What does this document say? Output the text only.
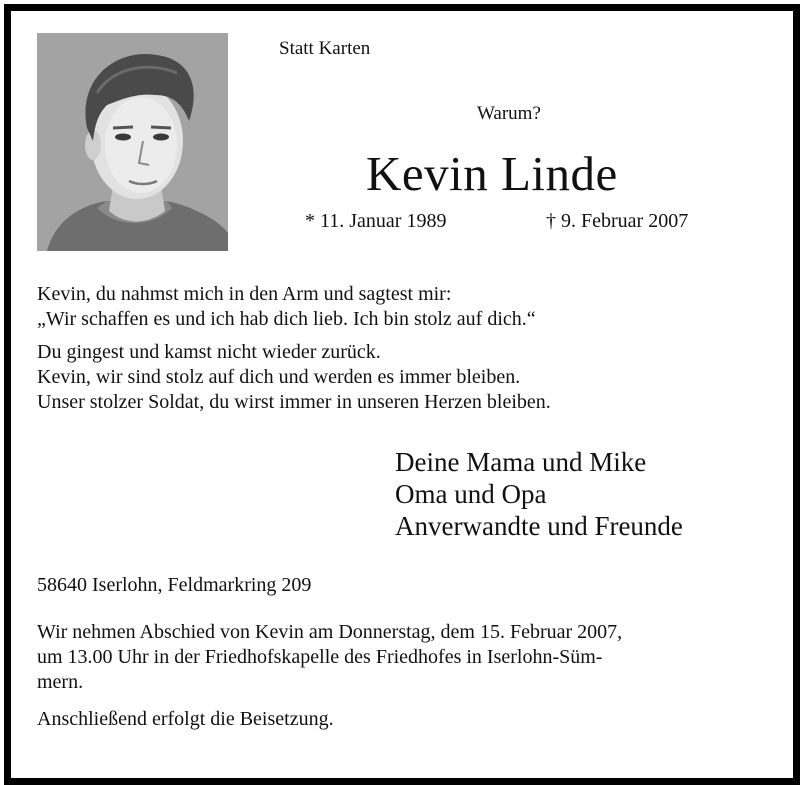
Statt Karten
Warum?
Kevin Linde
* 11. Januar 1989	† 9. Februar 2007
Kevin, du nahmst mich in den Arm und sagtest mir:
„Wir schaffen es und ich hab dich lieb. Ich bin stolz auf dich.“
Du gingest und kamst nicht wieder zurück.
Kevin, wir sind stolz auf dich und werden es immer bleiben.
Unser stolzer Soldat, du wirst immer in unseren Herzen bleiben.
Deine Mama und Mike
Oma und Opa
Anverwandte und Freunde
58640 Iserlohn, Feldmarkring 209
Wir nehmen Abschied von Kevin am Donnerstag, dem 15. Februar 2007,
um 13.00 Uhr in der Friedhofskapelle des Friedhofes in Iserlohn-Süm-
mern.
Anschließend erfolgt die Beisetzung.
